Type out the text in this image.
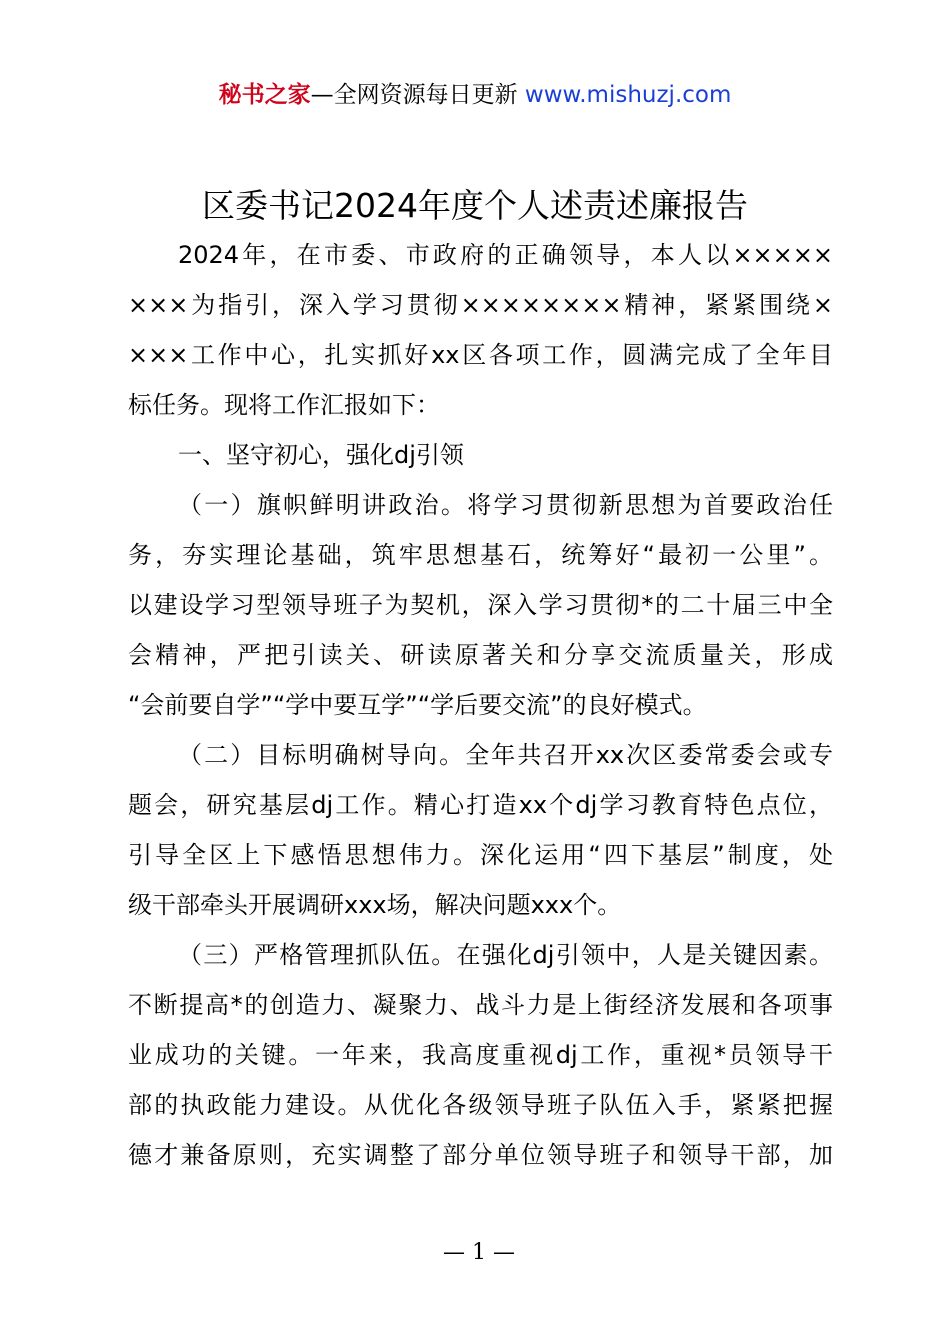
秘书之家—全网资源每日更新 www.mishuzj.com
区委书记2024年度个人述责述廉报告
2024年，在市委、市政府的正确领导，本人以×××××
×××为指引，深入学习贯彻××××××××精神，紧紧围绕×
×××工作中心，扎实抓好xx区各项工作，圆满完成了全年目
标任务。现将工作汇报如下：
一、坚守初心，强化dj引领
（一）旗帜鲜明讲政治。将学习贯彻新思想为首要政治任
务，夯实理论基础，筑牢思想基石，统筹好“最初一公里”。
以建设学习型领导班子为契机，深入学习贯彻*的二十届三中全
会精神，严把引读关、研读原著关和分享交流质量关，形成
“会前要自学”“学中要互学”“学后要交流”的良好模式。
（二）目标明确树导向。全年共召开xx次区委常委会或专
题会，研究基层dj工作。精心打造xx个dj学习教育特色点位，
引导全区上下感悟思想伟力。深化运用“四下基层”制度，处
级干部牵头开展调研xxx场，解决问题xxx个。
（三）严格管理抓队伍。在强化dj引领中，人是关键因素。
不断提高*的创造力、凝聚力、战斗力是上街经济发展和各项事
业成功的关键。一年来，我高度重视dj工作，重视*员领导干
部的执政能力建设。从优化各级领导班子队伍入手，紧紧把握
德才兼备原则，充实调整了部分单位领导班子和领导干部，加
— 1 —
